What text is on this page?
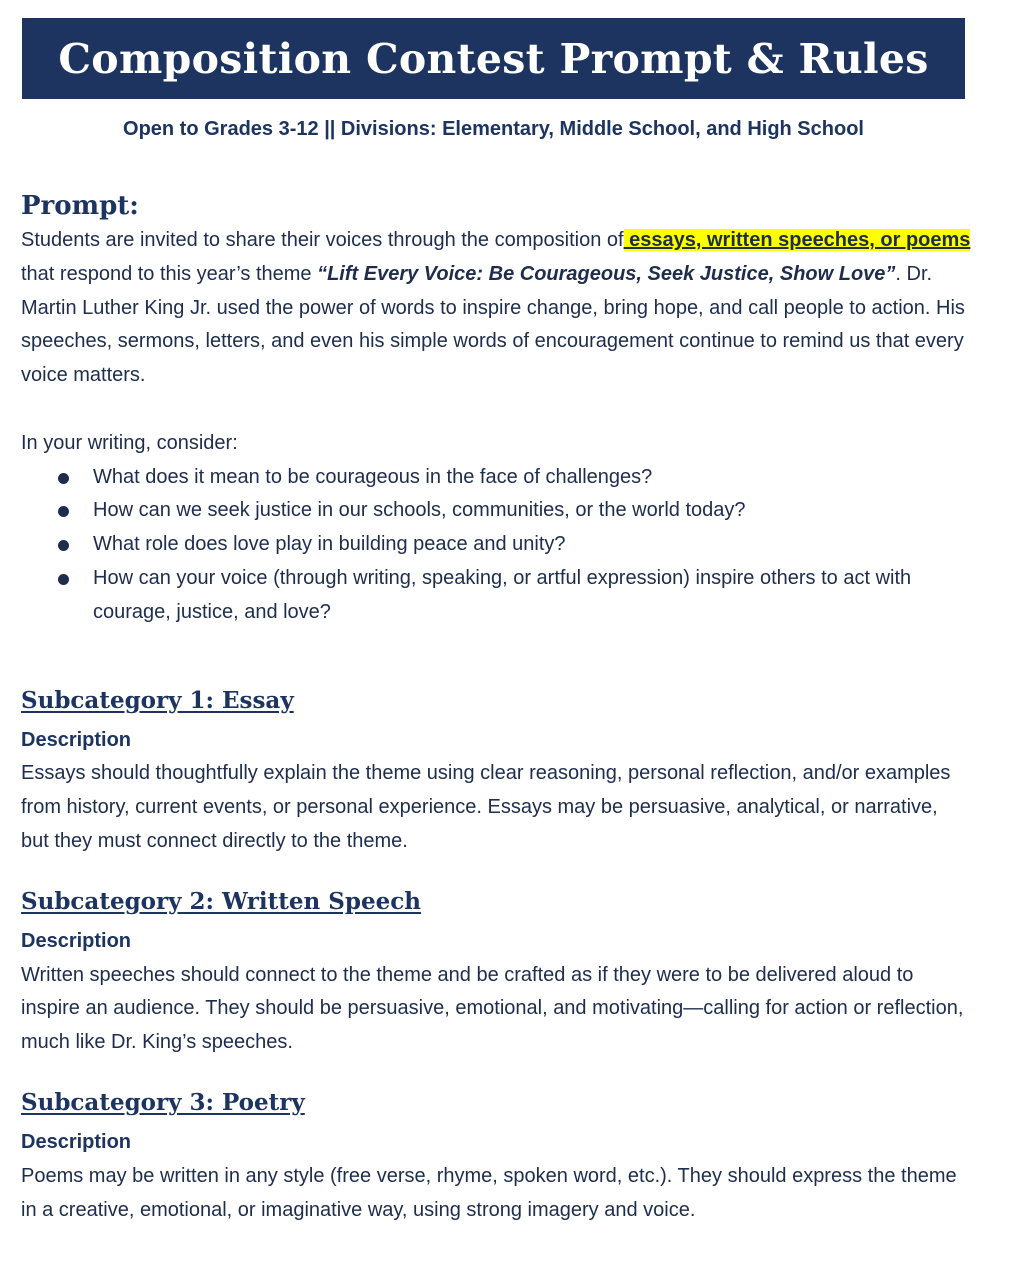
Composition Contest Prompt & Rules
Open to Grades 3-12 || Divisions: Elementary, Middle School, and High School
Prompt:

Students are invited to share their voices through the composition of essays, written speeches, or poems that respond to this year’s theme “Lift Every Voice: Be Courageous, Seek Justice, Show Love”. Dr. Martin Luther King Jr. used the power of words to inspire change, bring hope, and call people to action. His speeches, sermons, letters, and even his simple words of encouragement continue to remind us that every voice matters.

In your writing, consider:

What does it mean to be courageous in the face of challenges?
How can we seek justice in our schools, communities, or the world today?
What role does love play in building peace and unity?
How can your voice (through writing, speaking, or artful expression) inspire others to act with courage, justice, and love?
Subcategory 1: Essay

Description

Essays should thoughtfully explain the theme using clear reasoning, personal reflection, and/or examples from history, current events, or personal experience. Essays may be persuasive, analytical, or narrative, but they must connect directly to the theme.

Subcategory 2: Written Speech

Description

Written speeches should connect to the theme and be crafted as if they were to be delivered aloud to inspire an audience. They should be persuasive, emotional, and motivating—calling for action or reflection, much like Dr. King’s speeches.

Subcategory 3: Poetry

Description

Poems may be written in any style (free verse, rhyme, spoken word, etc.). They should express the theme in a creative, emotional, or imaginative way, using strong imagery and voice.
